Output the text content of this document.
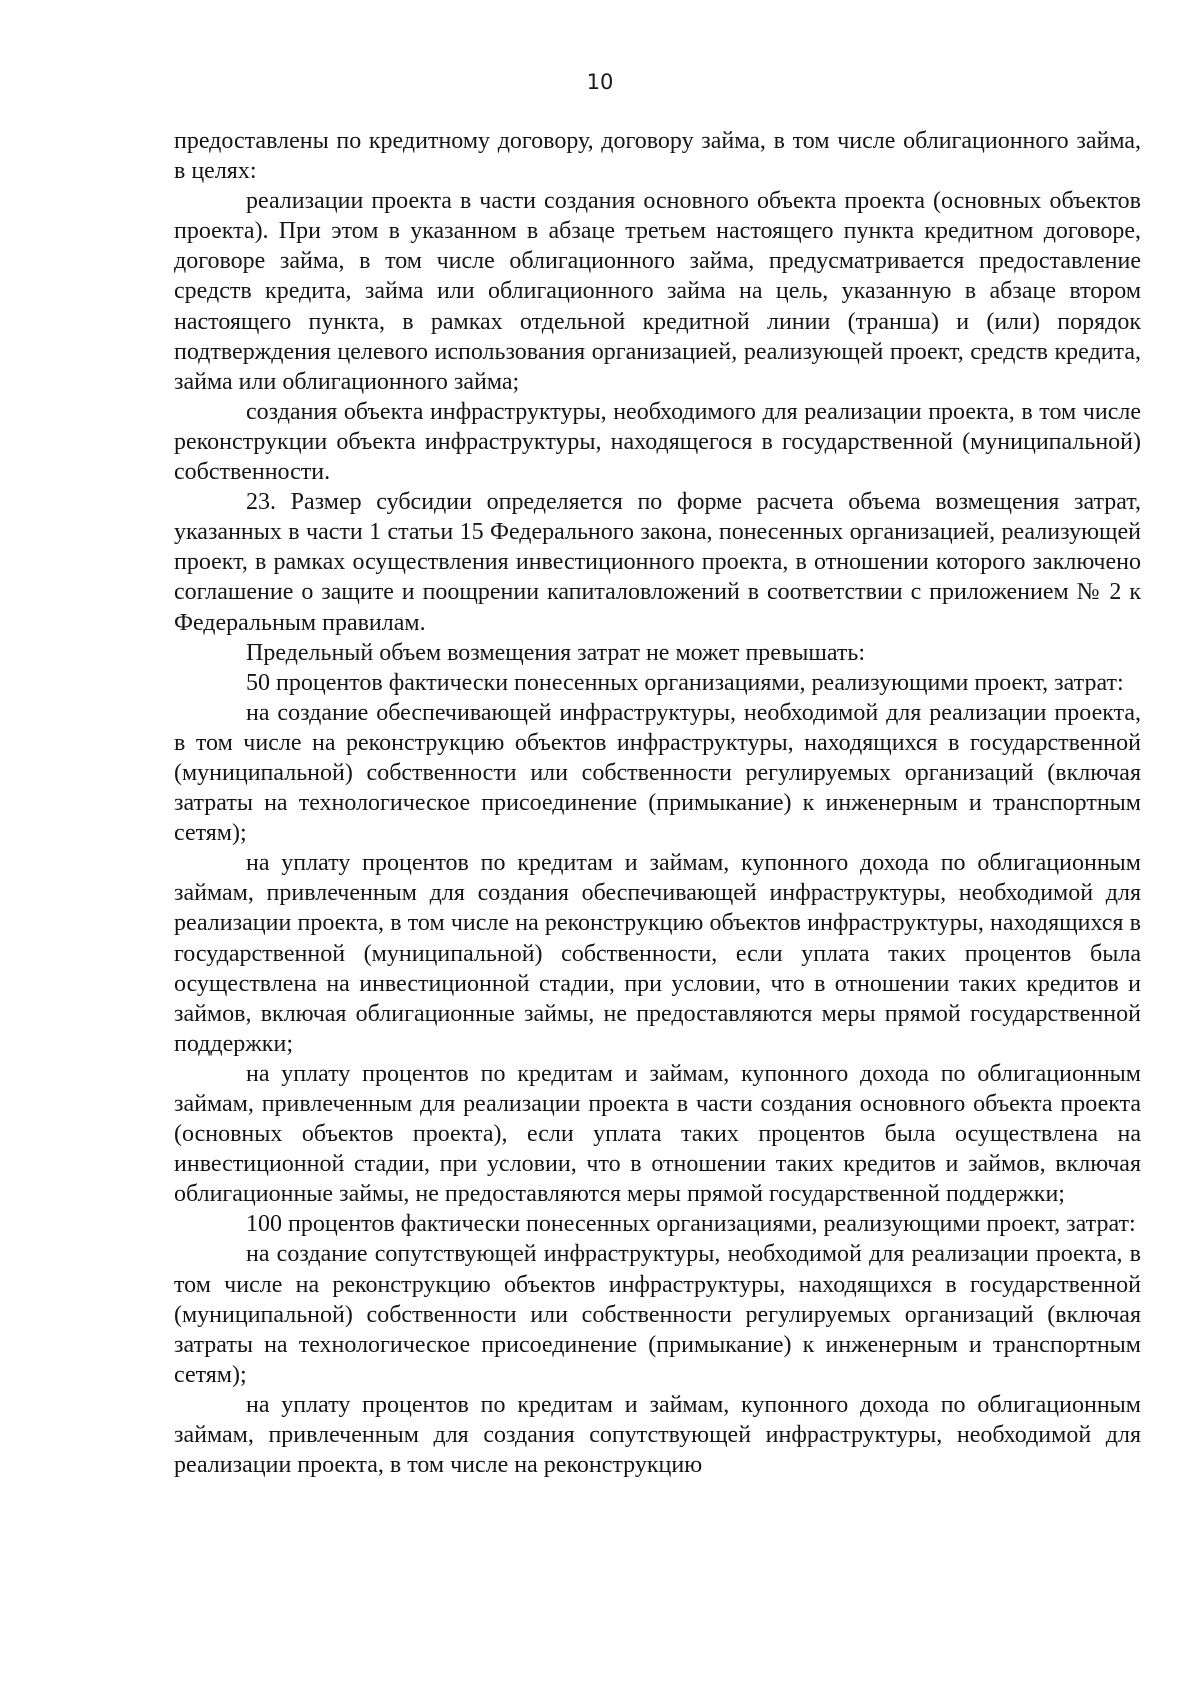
10

предоставлены по кредитному договору, договору займа, в том числе облигационного займа, в целях:

реализации проекта в части создания основного объекта проекта (основных объектов проекта). При этом в указанном в абзаце третьем настоящего пункта кредитном договоре, договоре займа, в том числе облигационного займа, предусматривается предоставление средств кредита, займа или облигационного займа на цель, указанную в абзаце втором настоящего пункта, в рамках отдельной кредитной линии (транша) и (или) порядок подтверждения целевого использования организацией, реализующей проект, средств кредита, займа или облигационного займа;

создания объекта инфраструктуры, необходимого для реализации проекта, в том числе реконструкции объекта инфраструктуры, находящегося в государственной (муниципальной) собственности.

23. Размер субсидии определяется по форме расчета объема возмещения затрат, указанных в части 1 статьи 15 Федерального закона, понесенных организацией, реализующей проект, в рамках осуществления инвестиционного проекта, в отношении которого заключено соглашение о защите и поощрении капиталовложений в соответствии с приложением № 2 к Федеральным правилам.

Предельный объем возмещения затрат не может превышать:

50 процентов фактически понесенных организациями, реализующими проект, затрат:

на создание обеспечивающей инфраструктуры, необходимой для реализации проекта, в том числе на реконструкцию объектов инфраструктуры, находящихся в государственной (муниципальной) собственности или собственности регулируемых организаций (включая затраты на технологическое присоединение (примыкание) к инженерным и транспортным сетям);

на уплату процентов по кредитам и займам, купонного дохода по облигационным займам, привлеченным для создания обеспечивающей инфраструктуры, необходимой для реализации проекта, в том числе на реконструкцию объектов инфраструктуры, находящихся в государственной (муниципальной) собственности, если уплата таких процентов была осуществлена на инвестиционной стадии, при условии, что в отношении таких кредитов и займов, включая облигационные займы, не предоставляются меры прямой государственной поддержки;

на уплату процентов по кредитам и займам, купонного дохода по облигационным займам, привлеченным для реализации проекта в части создания основного объекта проекта (основных объектов проекта), если уплата таких процентов была осуществлена на инвестиционной стадии, при условии, что в отношении таких кредитов и займов, включая облигационные займы, не предоставляются меры прямой государственной поддержки;

100 процентов фактически понесенных организациями, реализующими проект, затрат:

на создание сопутствующей инфраструктуры, необходимой для реализации проекта, в том числе на реконструкцию объектов инфраструктуры, находящихся в государственной (муниципальной) собственности или собственности регулируемых организаций (включая затраты на технологическое присоединение (примыкание) к инженерным и транспортным сетям);

на уплату процентов по кредитам и займам, купонного дохода по облигационным займам, привлеченным для создания сопутствующей инфраструктуры, необходимой для реализации проекта, в том числе на реконструкцию
